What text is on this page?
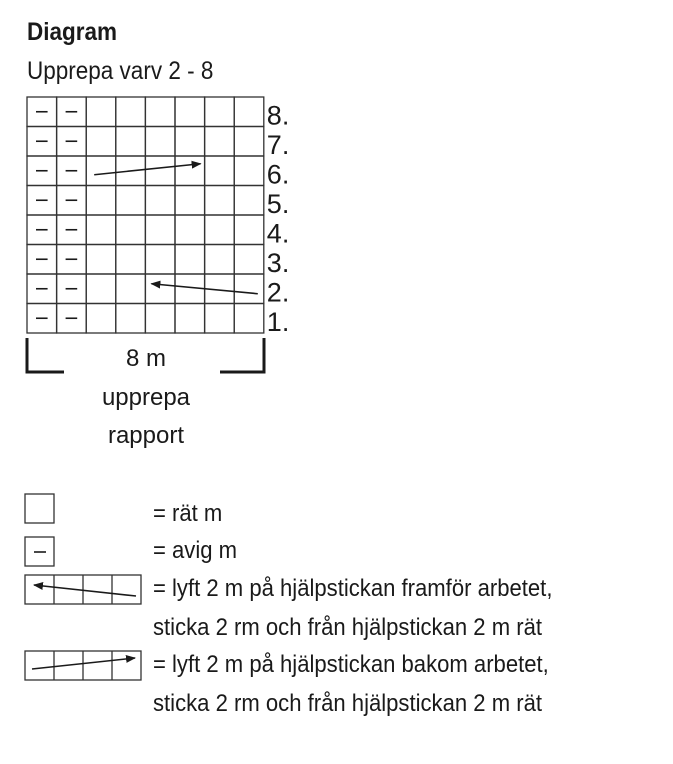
Diagram
Upprepa varv 2 - 8
8.
7.
6.
5.
4.
3.
2.
1.
8 m
upprepa
rapport
= rät m
= avig m
= lyft 2 m på hjälpstickan framför arbetet,
sticka 2 rm och från hjälpstickan 2 m rät
= lyft 2 m på hjälpstickan bakom arbetet,
sticka 2 rm och från hjälpstickan 2 m rät
